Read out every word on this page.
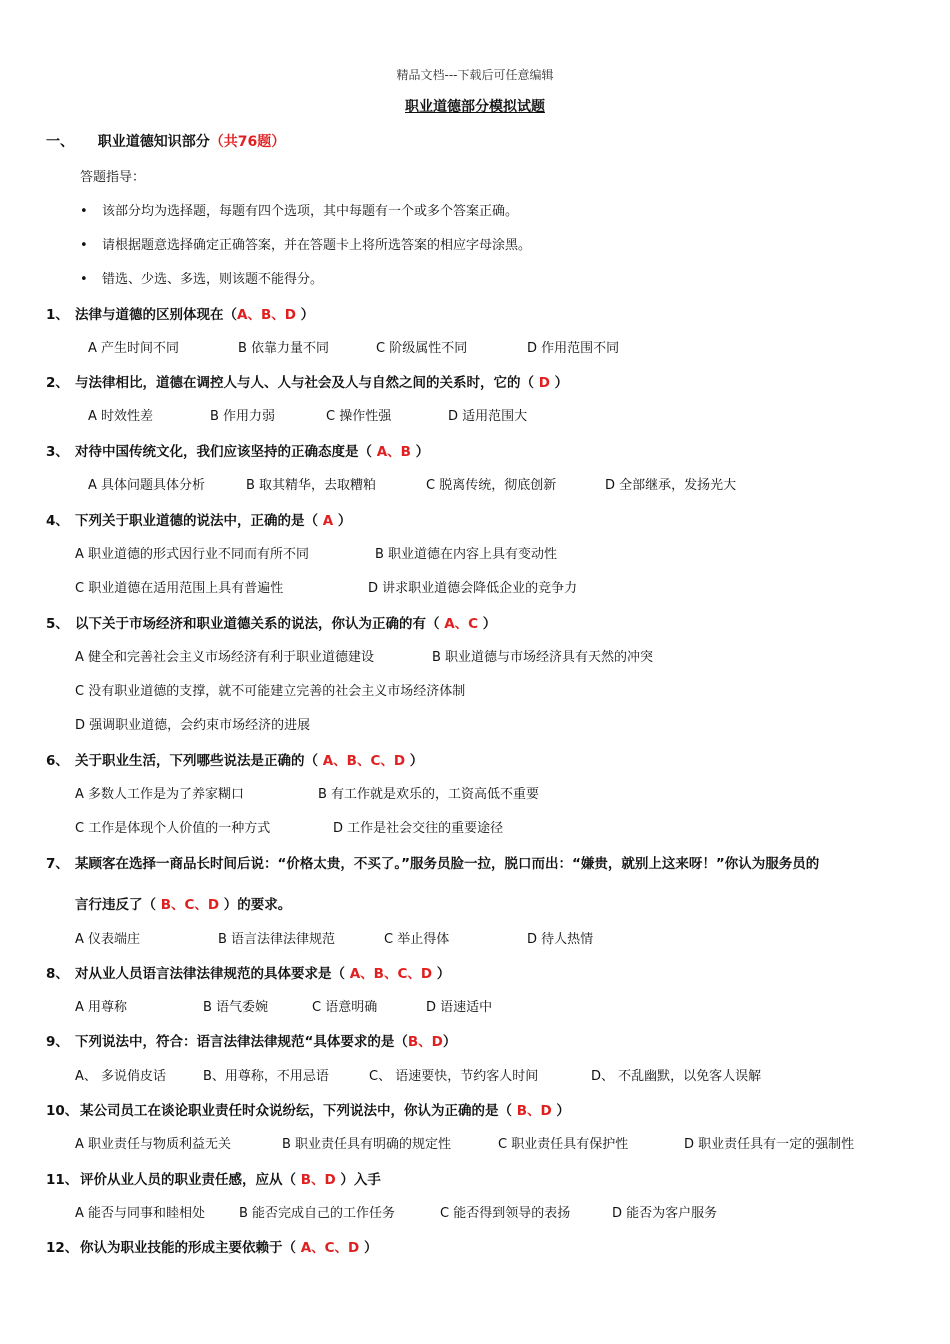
精品文档---下载后可任意编辑
职业道德部分模拟试题
一、 职业道德知识部分（共76题）
答题指导：
• 该部分均为选择题，每题有四个选项，其中每题有一个或多个答案正确。
• 请根据题意选择确定正确答案，并在答题卡上将所选答案的相应字母涂黑。
• 错选、少选、多选，则该题不能得分。
1、 法律与道德的区别体现在（A、B、D ）
A 产生时间不同	B 依靠力量不同	C 阶级属性不同	D 作用范围不同
2、 与法律相比，道德在调控人与人、人与社会及人与自然之间的关系时，它的（ D ）
A 时效性差	B 作用力弱	C 操作性强	D 适用范围大
3、 对待中国传统文化，我们应该坚持的正确态度是（ A、B ）
A 具体问题具体分析	B 取其精华，去取糟粕	C 脱离传统，彻底创新	D 全部继承，发扬光大
4、 下列关于职业道德的说法中，正确的是（ A ）
A 职业道德的形式因行业不同而有所不同	B 职业道德在内容上具有变动性
C 职业道德在适用范围上具有普遍性	D 讲求职业道德会降低企业的竞争力
5、 以下关于市场经济和职业道德关系的说法，你认为正确的有（ A、C ）
A 健全和完善社会主义市场经济有利于职业道德建设	B 职业道德与市场经济具有天然的冲突
C 没有职业道德的支撑，就不可能建立完善的社会主义市场经济体制
D 强调职业道德，会约束市场经济的进展
6、 关于职业生活，下列哪些说法是正确的（ A、B、C、D ）
A 多数人工作是为了养家糊口	B 有工作就是欢乐的，工资高低不重要
C 工作是体现个人价值的一种方式	D 工作是社会交往的重要途径
7、 某顾客在选择一商品长时间后说：“价格太贵，不买了。”服务员脸一拉，脱口而出：“嫌贵，就别上这来呀！”你认为服务员的
言行违反了（ B、C、D ）的要求。
A 仪表端庄	B 语言法律法律规范	C 举止得体	D 待人热情
8、 对从业人员语言法律法律规范的具体要求是（ A、B、C、D ）
A 用尊称	B 语气委婉	C 语意明确	D 语速适中
9、 下列说法中，符合：语言法律法律规范“具体要求的是（B、D）
A、 多说俏皮话	B、用尊称，不用忌语	C、 语速要快，节约客人时间	D、 不乱幽默，以免客人误解
10、 某公司员工在谈论职业责任时众说纷纭，下列说法中，你认为正确的是（ B、D ）
A 职业责任与物质利益无关	B 职业责任具有明确的规定性	C 职业责任具有保护性	D 职业责任具有一定的强制性
11、 评价从业人员的职业责任感，应从（ B、D ）入手
A 能否与同事和睦相处	B 能否完成自己的工作任务	C 能否得到领导的表扬	D 能否为客户服务
12、 你认为职业技能的形成主要依赖于（ A、C、D ）
